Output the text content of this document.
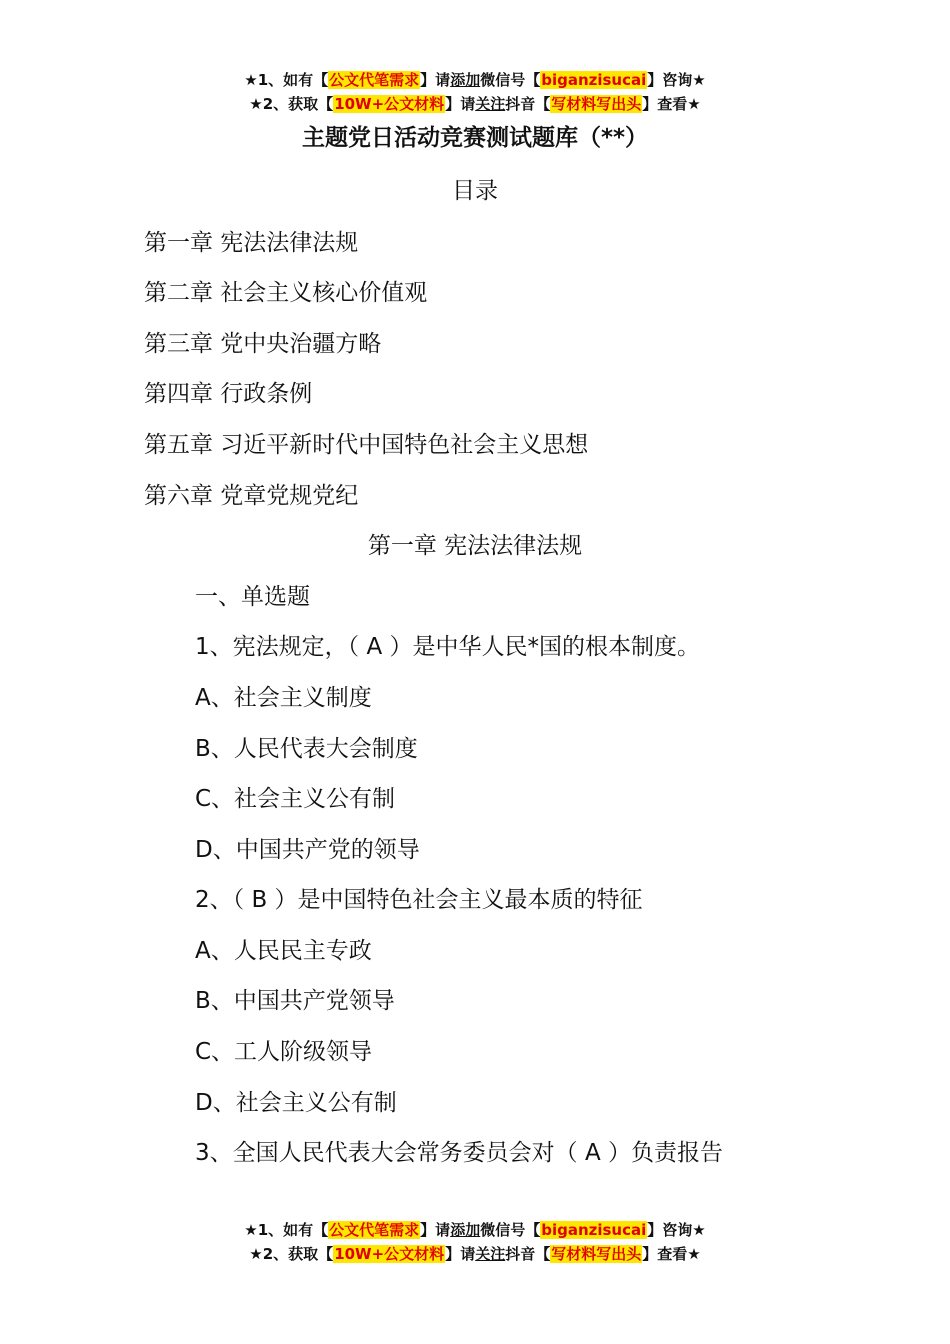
★1、如有【公文代笔需求】请添加微信号【biganzisucai】咨询★
★2、获取【10W+公文材料】请关注抖音【写材料写出头】查看★
主题党日活动竞赛测试题库（**）
目录
第一章 宪法法律法规
第二章 社会主义核心价值观
第三章 党中央治疆方略
第四章 行政条例
第五章 习近平新时代中国特色社会主义思想
第六章 党章党规党纪
第一章 宪法法律法规
一、单选题
1、宪法规定，（ A ）是中华人民*国的根本制度。
A、社会主义制度
B、人民代表大会制度
C、社会主义公有制
D、中国共产党的领导
2、（ B ）是中国特色社会主义最本质的特征
A、人民民主专政
B、中国共产党领导
C、工人阶级领导
D、社会主义公有制
3、全国人民代表大会常务委员会对（ A ）负责报告
★1、如有【公文代笔需求】请添加微信号【biganzisucai】咨询★
★2、获取【10W+公文材料】请关注抖音【写材料写出头】查看★
